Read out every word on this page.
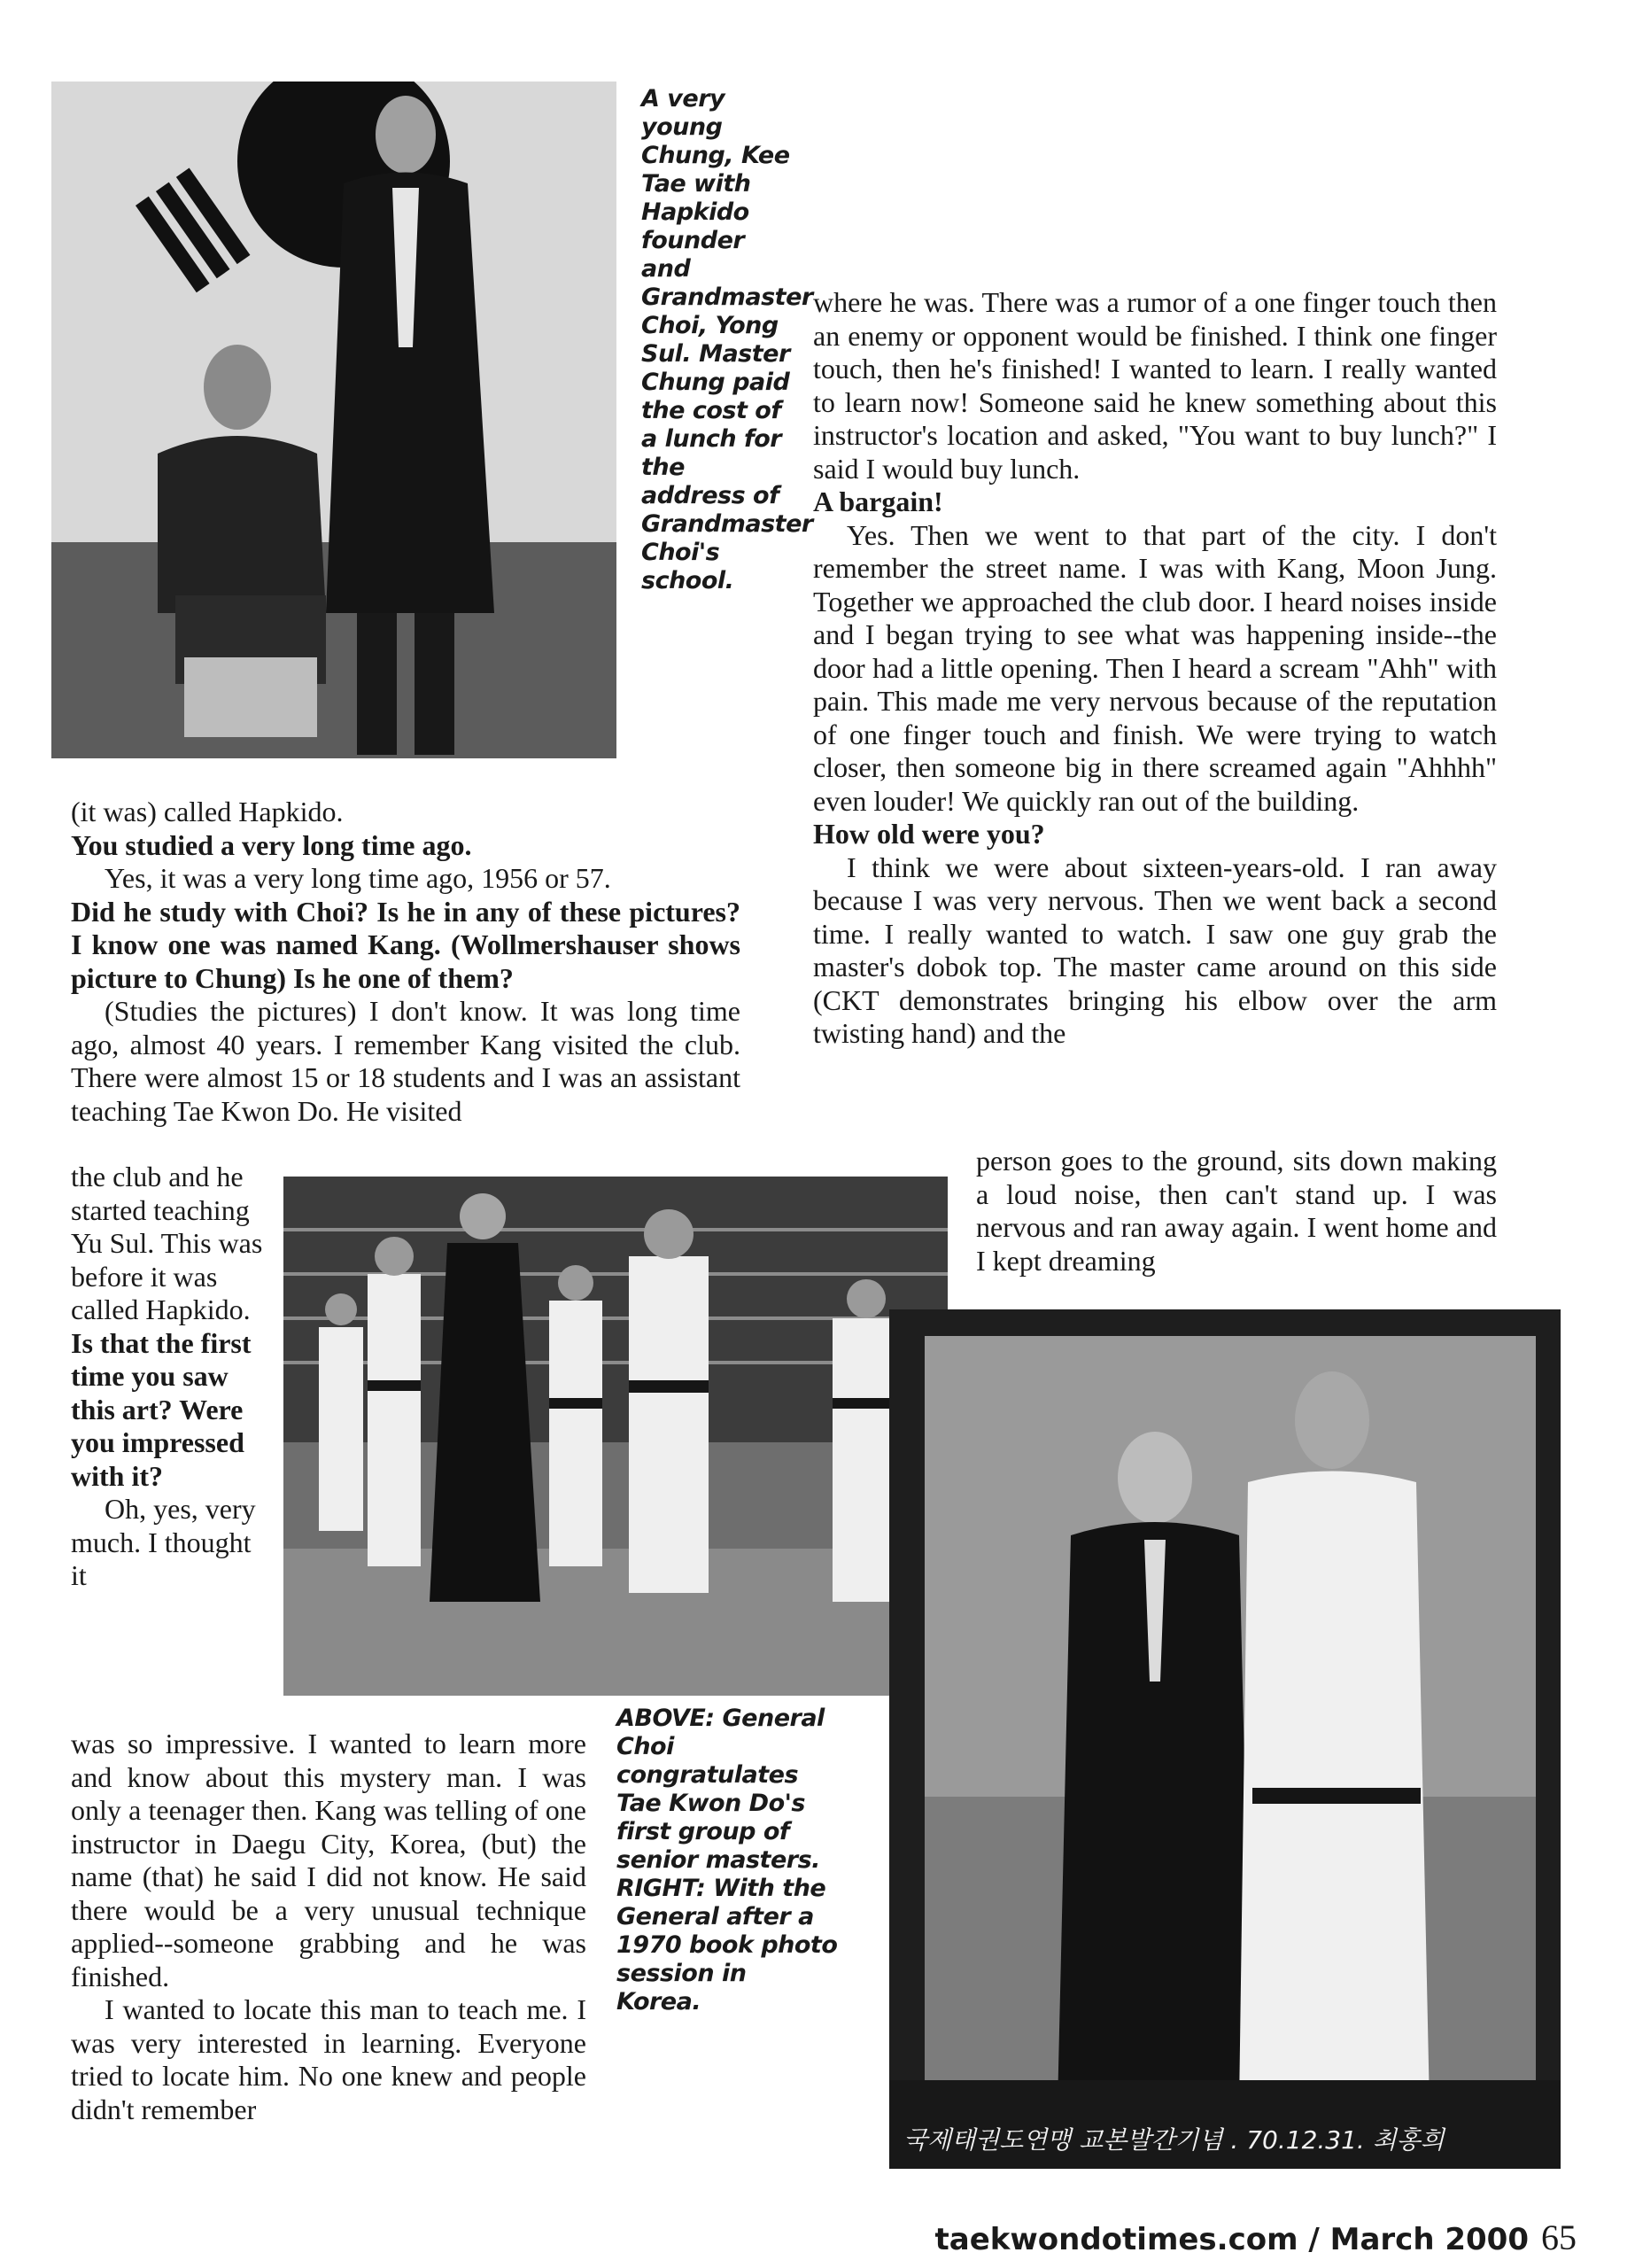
A very young Chung, Kee Tae with Hapkido founder and Grandmaster Choi, Yong Sul. Master Chung paid the cost of a lunch for the address of Grandmaster Choi's school.

where he was. There was a rumor of a one finger touch then an enemy or opponent would be finished. I think one finger touch, then he's finished! I wanted to learn. I really wanted to learn now! Someone said he knew something about this instructor's location and asked, "You want to buy lunch?" I said I would buy lunch.

A bargain!

Yes. Then we went to that part of the city. I don't remember the street name. I was with Kang, Moon Jung. Together we approached the club door. I heard noises inside and I began trying to see what was happening inside--the door had a little opening. Then I heard a scream "Ahh" with pain. This made me very nervous because of the reputation of one finger touch and finish. We were trying to watch closer, then someone big in there screamed again "Ahhhh" even louder! We quickly ran out of the building.

How old were you?

I think we were about sixteen-years-old. I ran away because I was very nervous. Then we went back a second time. I really wanted to watch. I saw one guy grab the master's dobok top. The master came around on this side (CKT demonstrates bringing his elbow over the arm twisting hand) and the

person goes to the ground, sits down making a loud noise, then can't stand up. I was nervous and ran away again. I went home and I kept dreaming

(it was) called Hapkido.

You studied a very long time ago.

Yes, it was a very long time ago, 1956 or 57.

Did he study with Choi? Is he in any of these pictures? I know one was named Kang. (Wollmershauser shows picture to Chung) Is he one of them?

(Studies the pictures) I don't know. It was long time ago, almost 40 years. I remember Kang visited the club. There were almost 15 or 18 students and I was an assistant teaching Tae Kwon Do. He visited

the club and he started teaching Yu Sul. This was before it was called Hapkido.

Is that the first time you saw this art? Were you impressed with it?

Oh, yes, very much. I thought it

ABOVE: General Choi congratulates Tae Kwon Do's first group of senior masters. RIGHT: With the General after a 1970 book photo session in Korea.

was so impressive. I wanted to learn more and know about this mystery man. I was only a teenager then. Kang was telling of one instructor in Daegu City, Korea, (but) the name (that) he said I did not know. He said there would be a very unusual technique applied--someone grabbing and he was finished.

I wanted to locate this man to teach me. I was very interested in learning. Everyone tried to locate him. No one knew and people didn't remember

국제태권도연맹 교본발간기념 . 70.12.31. 최홍희
taekwondotimes.com / March 2000 65
